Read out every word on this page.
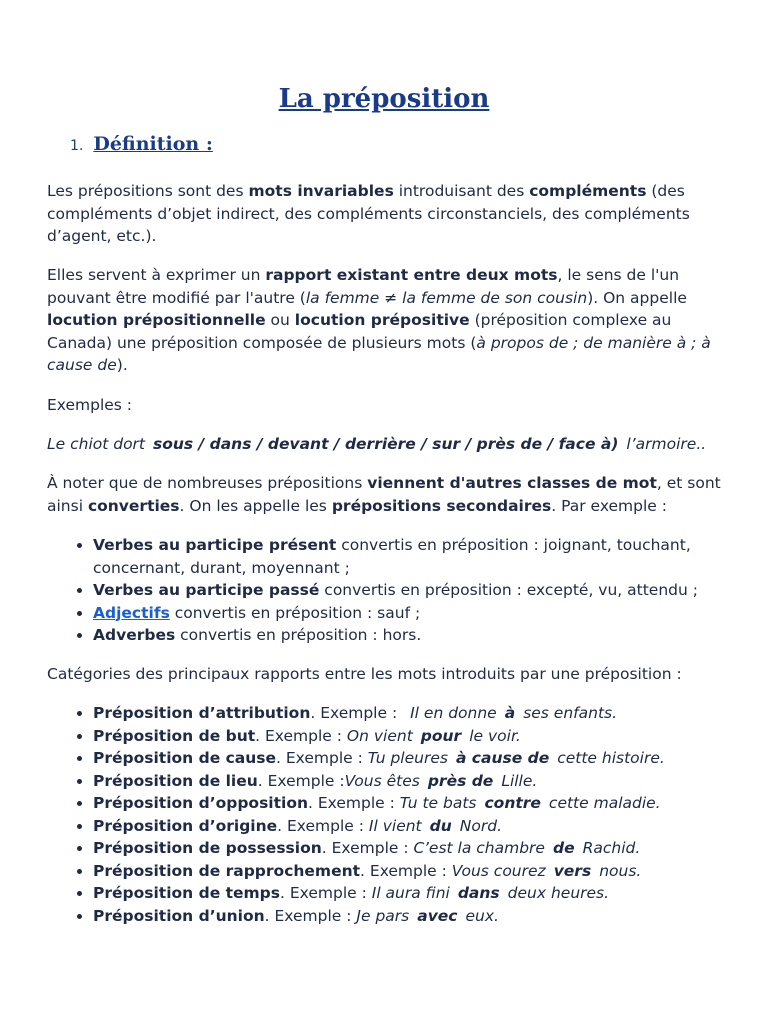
La préposition
1. Définition :

Les prépositions sont des mots invariables introduisant des compléments (des compléments d’objet indirect, des compléments circonstanciels, des compléments d’agent, etc.).

Elles servent à exprimer un rapport existant entre deux mots, le sens de l'un pouvant être modifié par l'autre (la femme ≠ la femme de son cousin). On appelle locution prépositionnelle ou locution prépositive (préposition complexe au Canada) une préposition composée de plusieurs mots (à propos de ; de manière à ; à cause de).

Exemples :

Le chiot dort sous / dans / devant / derrière / sur / près de / face à) l’armoire..

À noter que de nombreuses prépositions viennent d'autres classes de mot, et sont ainsi converties. On les appelle les prépositions secondaires. Par exemple :

• Verbes au participe présent convertis en préposition : joignant, touchant, concernant, durant, moyennant ;
• Verbes au participe passé convertis en préposition : excepté, vu, attendu ;
• Adjectifs convertis en préposition : sauf ;
• Adverbes convertis en préposition : hors.

Catégories des principaux rapports entre les mots introduits par une préposition :

• Préposition d’attribution. Exemple : Il en donne à ses enfants.
• Préposition de but. Exemple : On vient pour le voir.
• Préposition de cause. Exemple : Tu pleures à cause de cette histoire.
• Préposition de lieu. Exemple :Vous êtes près de Lille.
• Préposition d’opposition. Exemple : Tu te bats contre cette maladie.
• Préposition d’origine. Exemple : Il vient du Nord.
• Préposition de possession. Exemple : C’est la chambre de Rachid.
• Préposition de rapprochement. Exemple : Vous courez vers nous.
• Préposition de temps. Exemple : Il aura fini dans deux heures.
• Préposition d’union. Exemple : Je pars avec eux.
